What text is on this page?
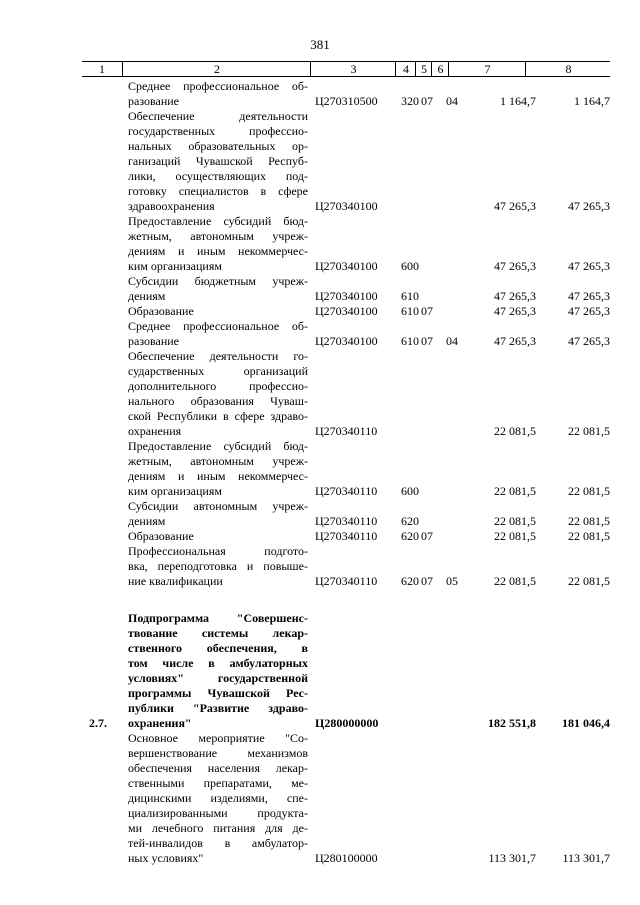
381
1	2	3	4	5 6	7	8
Среднее профессиональное об-
разование	Ц270310500 320 07 04	1 164,7	1 164,7
Обеспечение деятельности
государственных профессио-
нальных образовательных ор-
ганизаций Чувашской Респуб-
лики, осуществляющих под-
готовку специалистов в сфере
здравоохранения	Ц270340100	47 265,3	47 265,3
Предоставление субсидий бюд-
жетным, автономным учреж-
дениям и иным некоммерчес-
ким организациям	Ц270340100 600	47 265,3	47 265,3
Субсидии бюджетным учреж-
дениям	Ц270340100 610	47 265,3	47 265,3
Образование	Ц270340100 610 07	47 265,3	47 265,3
Среднее профессиональное об-
разование	Ц270340100 610 07 04	47 265,3	47 265,3
Обеспечение деятельности го-
сударственных организаций
дополнительного профессио-
нального образования Чуваш-
ской Республики в сфере здраво-
охранения	Ц270340110	22 081,5	22 081,5
Предоставление субсидий бюд-
жетным, автономным учреж-
дениям и иным некоммерчес-
ким организациям	Ц270340110 600	22 081,5	22 081,5
Субсидии автономным учреж-
дениям	Ц270340110 620	22 081,5	22 081,5
Образование	Ц270340110 620 07	22 081,5	22 081,5
Профессиональная подгото-
вка, переподготовка и повыше-
ние квалификации	Ц270340110 620 07 05	22 081,5	22 081,5
Подпрограмма "Совершенс-
твование системы лекар-
ственного обеспечения, в
том числе в амбулаторных
условиях" государственной
программы Чувашской Рес-
публики "Развитие здраво-
охранения"
2.7.	Ц280000000	182 551,8 181 046,4
Основное мероприятие "Со-
вершенствование механизмов
обеспечения населения лекар-
ственными препаратами, ме-
дицинскими изделиями, спе-
циализированными продукта-
ми лечебного питания для де-
тей-инвалидов в амбулатор-
ных условиях"	Ц280100000	113 301,7 113 301,7
